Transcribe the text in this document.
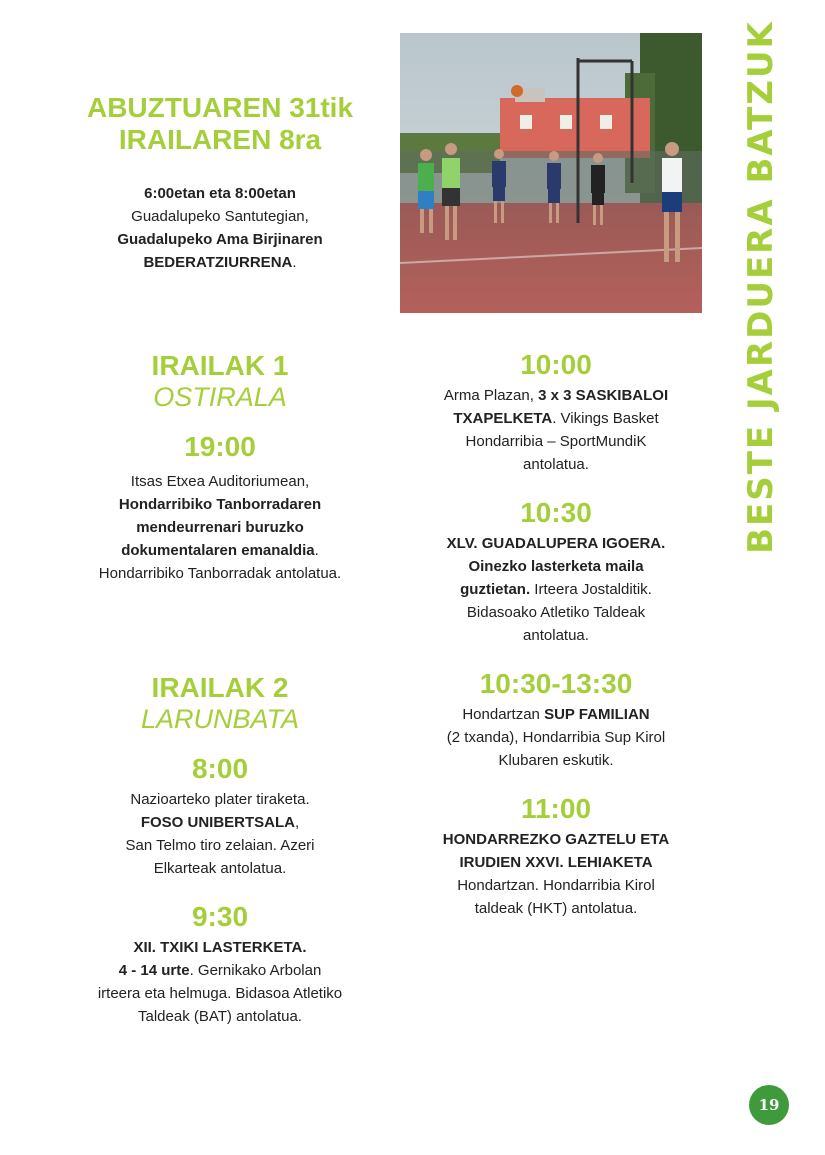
ABUZTUAREN 31tik
IRAILAREN 8ra
6:00etan eta 8:00etan
Guadalupeko Santutegian,
Guadalupeko Ama Birjinaren
BEDERATZIURRENA.	BESTE JARDUERA BATZUK
IRAILAK 1
OSTIRALA
19:00
Itsas Etxea Auditoriumean,
Hondarribiko Tanborradaren
mendeurrenari buruzko
dokumentalaren emanaldia.
Hondarribiko Tanborradak antolatua.
IRAILAK 2
LARUNBATA
8:00
Nazioarteko plater tiraketa.
FOSO UNIBERTSALA,
San Telmo tiro zelaian. Azeri
Elkarteak antolatua.
9:30
XII. TXIKI LASTERKETA.
4 - 14 urte. Gernikako Arbolan
irteera eta helmuga. Bidasoa Atletiko
Taldeak (BAT) antolatua.
10:00
Arma Plazan, 3 x 3 SASKIBALOI
TXAPELKETA. Vikings Basket
Hondarribia – SportMundiK
antolatua.
10:30
XLV. GUADALUPERA IGOERA.
Oinezko lasterketa maila
guztietan. Irteera Jostalditik.
Bidasoako Atletiko Taldeak
antolatua.
10:30-13:30
Hondartzan SUP FAMILIAN
(2 txanda), Hondarribia Sup Kirol
Klubaren eskutik.
11:00
HONDARREZKO GAZTELU ETA
IRUDIEN XXVI. LEHIAKETA
Hondartzan. Hondarribia Kirol
taldeak (HKT) antolatua.
19
